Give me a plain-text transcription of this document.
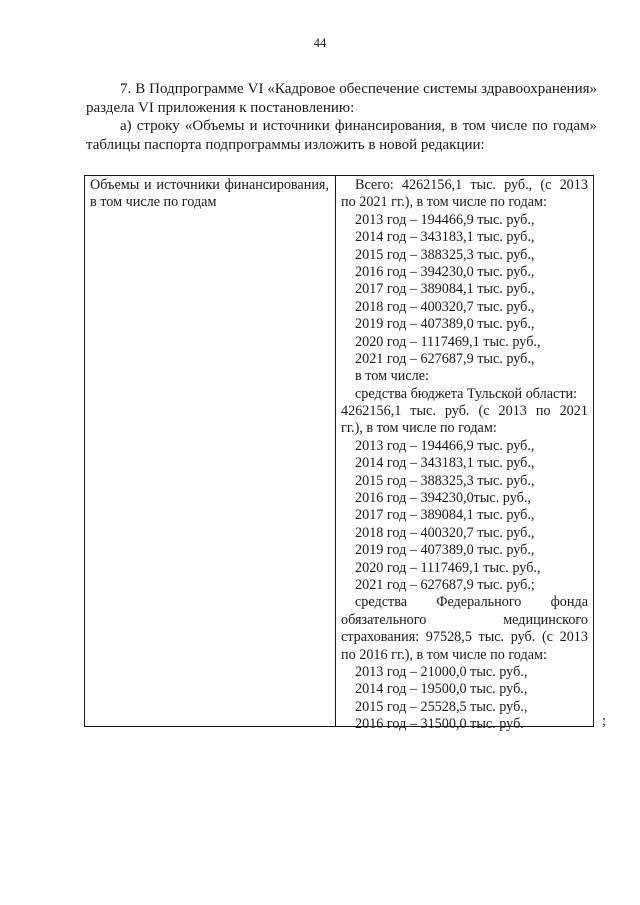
44

7. В Подпрограмме VI «Кадровое обеспечение системы здравоохранения» раздела VI приложения к постановлению:

а) строку «Объемы и источники финансирования, в том числе по годам» таблицы паспорта подпрограммы изложить в новой редакции:

Объемы и источники финансирования, в том числе по годам
Всего: 4262156,1 тыс. руб., (с 2013
по 2021 гг.), в том числе по годам:
2013 год – 194466,9 тыс. руб.,
2014 год – 343183,1 тыс. руб.,
2015 год – 388325,3 тыс. руб.,
2016 год – 394230,0 тыс. руб.,
2017 год – 389084,1 тыс. руб.,
2018 год – 400320,7 тыс. руб.,
2019 год – 407389,0 тыс. руб.,
2020 год – 1117469,1 тыс. руб.,
2021 год – 627687,9 тыс. руб.,
в том числе:
средства бюджета Тульской области:
4262156,1 тыс. руб. (с 2013 по 2021
гг.), в том числе по годам:
2013 год – 194466,9 тыс. руб.,
2014 год – 343183,1 тыс. руб.,
2015 год – 388325,3 тыс. руб.,
2016 год – 394230,0тыс. руб.,
2017 год – 389084,1 тыс. руб.,
2018 год – 400320,7 тыс. руб.,
2019 год – 407389,0 тыс. руб.,
2020 год – 1117469,1 тыс. руб.,
2021 год – 627687,9 тыс. руб.;
средства Федерального фонда
обязательного	медицинского
страхования: 97528,5 тыс. руб. (с 2013
по 2016 гг.), в том числе по годам:
2013 год – 21000,0 тыс. руб.,
2014 год – 19500,0 тыс. руб.,
2015 год – 25528,5 тыс. руб.,
2016 год – 31500,0 тыс. руб.	;
